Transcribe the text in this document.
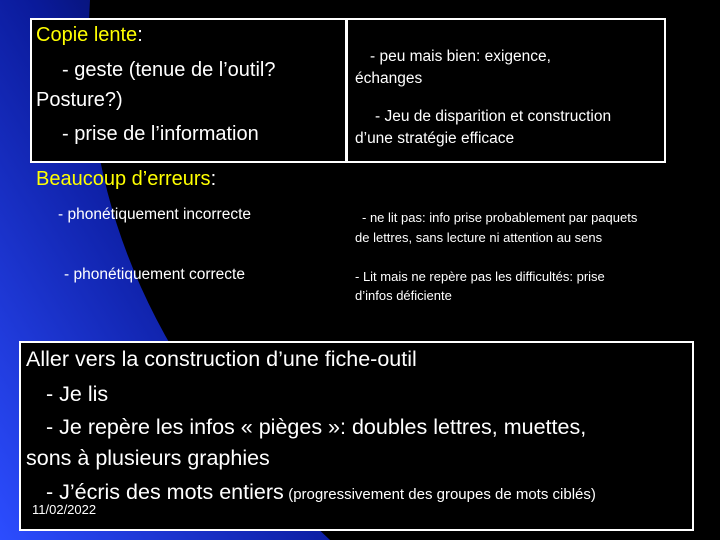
Copie lente:
- geste (tenue de l’outil?
Posture?)
- prise de l’information
- peu mais bien: exigence,
échanges
- Jeu de disparition et construction
d’une stratégie efficace
Beaucoup d’erreurs:
- phonétiquement incorrecte
- phonétiquement correcte
- ne lit pas: info prise probablement par paquets
de lettres, sans lecture ni attention au sens
- Lit mais ne repère pas les difficultés: prise
d’infos déficiente
Aller vers la construction d’une fiche-outil
- Je lis
- Je repère les infos « pièges »: doubles lettres, muettes,
sons à plusieurs graphies
- J’écris des mots entiers (progressivement des groupes de mots ciblés)
11/02/2022
